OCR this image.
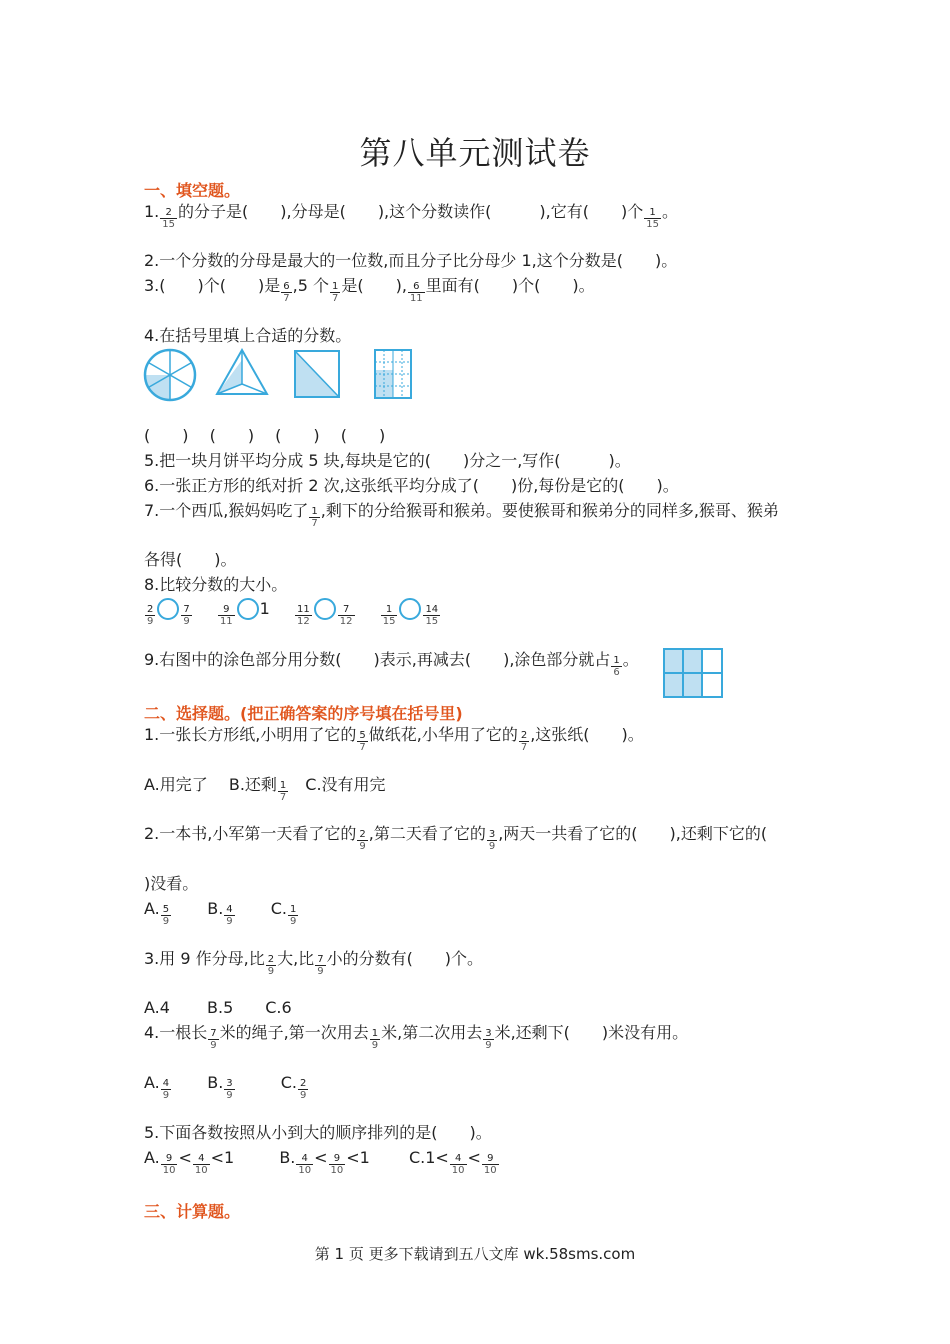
第八单元测试卷
一、填空题。
1. $\frac{2}{15}$ 的分子是(　　),分母是(　　),这个分数读作(　　　),它有(　　)个 $\frac{1}{15}$ 。
2.一个分数的分母是最大的一位数,而且分子比分母少 1,这个分数是(　　)。
3.(　　)个(　　)是 $\frac{6}{7} ,5$ 个 $\frac{1}{7}$ 是(　　), $\frac{6}{11}$ 里面有(　　)个(　　)。
4.在括号里填上合适的分数。
(　　)　 (　　)　 (　　)　 (　　)
5.把一块月饼平均分成 5 块,每块是它的(　　)分之一,写作(　　　)。
6.一张正方形的纸对折 2 次,这张纸平均分成了(　　)份,每份是它的(　　)。
7.一个西瓜,猴妈妈吃了 $\frac{1}{7}$ ,剩下的分给猴哥和猴弟。要使猴哥和猴弟分的同样多,猴哥、猴弟
各得(　　)。
8.比较分数的大小。
$\frac{2}{9}$	$\frac{7}{9}$
	$\frac{9}{11} 1$	$\frac{11}{12}$	$\frac{7}{12}$
	$\frac{1}{15}$	$\frac{14}{15}$
9.右图中的涂色部分用分数(　　)表示,再减去(　　),涂色部分就占 $\frac{1}{6}$ 。
二、选择题。(把正确答案的序号填在括号里)
1.一张长方形纸,小明用了它的 $\frac{5}{7}$ 做纸花,小华用了它的 $\frac{2}{7}$ ,这张纸(　　)。
A.用完了　 B.还剩 $\frac{1}{7}$ 　C.没有用完
2.一本书,小军第一天看了它的 $\frac{2}{9}$ ,第二天看了它的 $\frac{3}{9}$ ,两天一共看了它的(　　),还剩下它的(
)没看。
A. $\frac{5}{9} B$. $\frac{4}{9} C$. $\frac{1}{9}$
3.用 9 作分母,比 $\frac{2}{9}$ 大,比 $\frac{7}{9}$ 小的分数有(　　)个。
A.4　　 B.5　　C.6
4.一根长 $\frac{7}{9}$ 米的绳子,第一次用去 $\frac{1}{9}$ 米,第二次用去 $\frac{3}{9}$ 米,还剩下(　　)米没有用。
A. $\frac{4}{9} B$. $\frac{3}{9}$	C. $\frac{2}{9}$
5.下面各数按照从小到大的顺序排列的是(　　)。
A. $\frac{9}{10} < \frac{4}{10} <1$	B. $\frac{4}{10} < \frac{9}{10} <1$ $C.1< \frac{4}{10} < \frac{9}{10}$
三、计算题。
第 1 页 更多下载请到五八文库 wk.58sms.com
